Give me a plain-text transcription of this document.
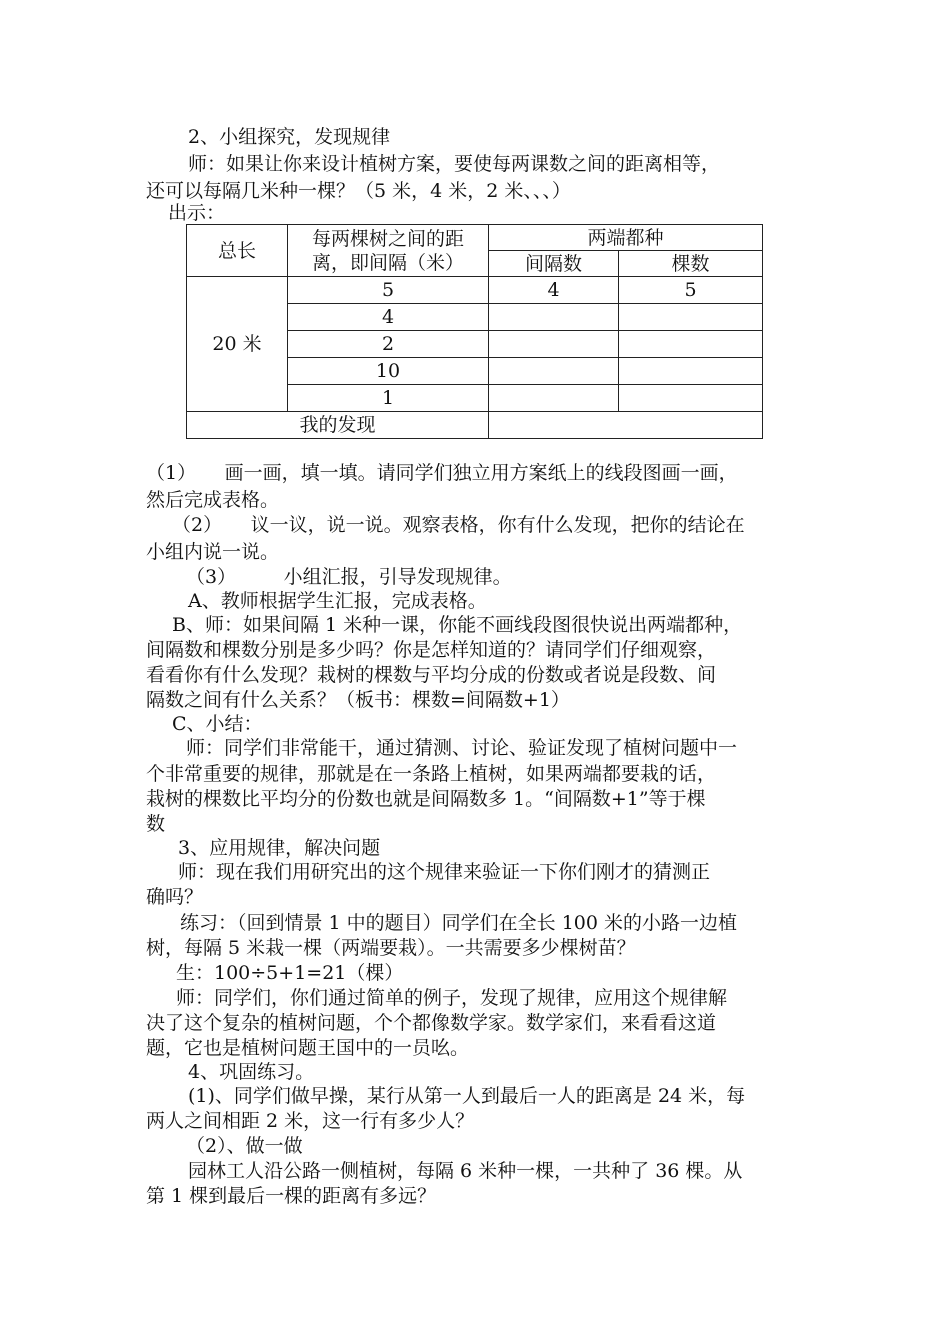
2、小组探究，发现规律
师：如果让你来设计植树方案，要使每两课数之间的距离相等，
还可以每隔几米种一棵？（5 米，4 米，2 米、、、）
出示：
总长	每两棵树之间的距
离，即间隔（米）	两端都种	
		间隔数	棵数
20 米	5	4	5
	4		
	2		
	10		
	1		
我的发现			
（1）　　画一画，填一填。请同学们独立用方案纸上的线段图画一画，
然后完成表格。
（2）　　议一议，说一说。观察表格，你有什么发现，把你的结论在
小组内说一说。
（3）　　　小组汇报，引导发现规律。
A、教师根据学生汇报，完成表格。
B、师：如果间隔 1 米种一课，你能不画线段图很快说出两端都种，
间隔数和棵数分别是多少吗？你是怎样知道的？请同学们仔细观察，
看看你有什么发现？栽树的棵数与平均分成的份数或者说是段数、间
隔数之间有什么关系？（板书：棵数=间隔数+1）
C、小结：
师：同学们非常能干，通过猜测、讨论、验证发现了植树问题中一
个非常重要的规律，那就是在一条路上植树，如果两端都要栽的话，
栽树的棵数比平均分的份数也就是间隔数多 1。“间隔数+1”等于棵
数
3、应用规律，解决问题
师：现在我们用研究出的这个规律来验证一下你们刚才的猜测正
确吗？
练习：（回到情景 1 中的题目）同学们在全长 100 米的小路一边植
树，每隔 5 米栽一棵（两端要栽）。一共需要多少棵树苗？
生：100÷5+1=21（棵）
师：同学们，你们通过简单的例子，发现了规律，应用这个规律解
决了这个复杂的植树问题，个个都像数学家。数学家们，来看看这道
题，它也是植树问题王国中的一员吆。
4、巩固练习。
(1)、同学们做早操，某行从第一人到最后一人的距离是 24 米，每
两人之间相距 2 米，这一行有多少人？
（2）、做一做
园林工人沿公路一侧植树，每隔 6 米种一棵，一共种了 36 棵。从
第 1 棵到最后一棵的距离有多远？
